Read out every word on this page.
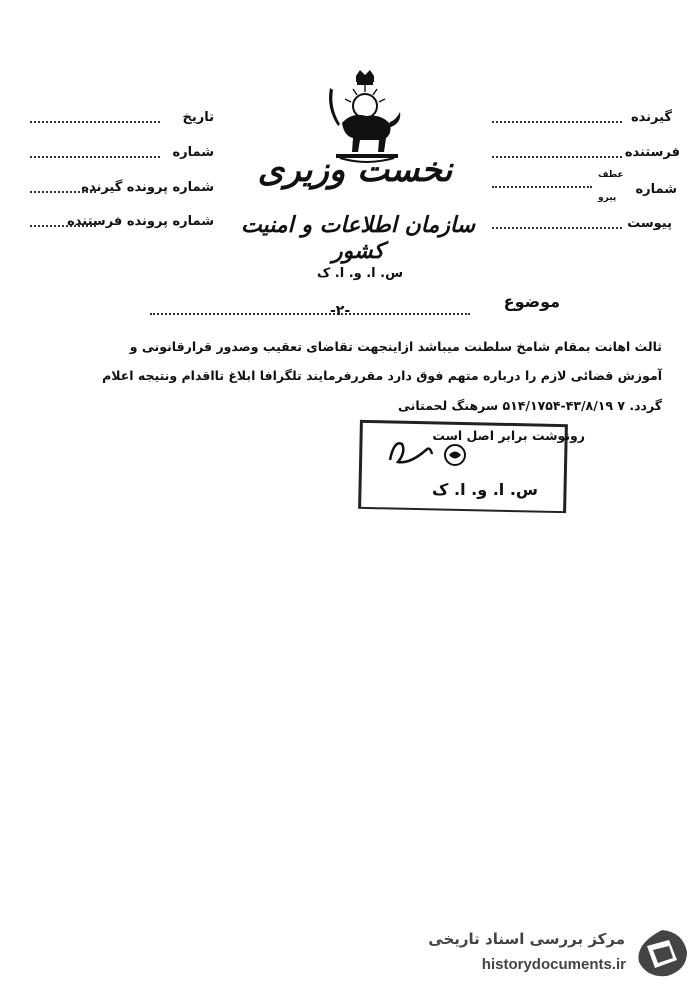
گیرنده
فرستنده
شماره
عطف
پیرو
پیوست
تاریخ
شماره
شماره پرونده گیرنده
شماره پرونده فرستنده
نخست وزیری
سازمان اطلاعات و امنیت کشور
س. ا. و. ا. ک
موضوع
-۲-
ثالث اهانت بمقام شامخ سلطنت میباشد ازاینجهت تقاضای تعقیب وصدور قرارقانونی و
آموزش قضائی لازم را درباره متهم فوق دارد مقررفرمایند تلگرافا ابلاغ تااقدام ونتیجه اعلام
گردد. ۷ ۴۳/۸/۱۹-۵۱۴/۱۷۵۴ سرهنگ لحمتانی
رونوشت برابر اصل است
س. ا. و. ا. ک
مرکز بررسی اسناد تاریخی
historydocuments.ir
